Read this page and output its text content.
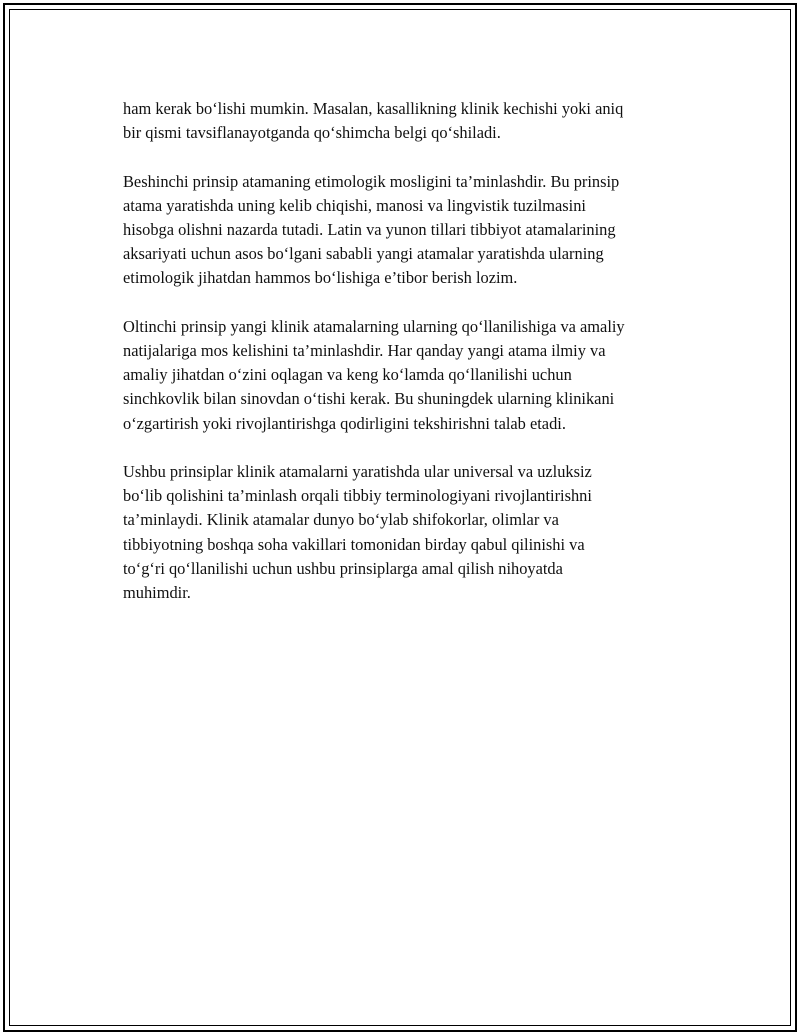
ham kerak bo‘lishi mumkin. Masalan, kasallikning klinik kechishi yoki aniq
bir qismi tavsiflanayotganda qo‘shimcha belgi qo‘shiladi.

Beshinchi prinsip atamaning etimologik mosligini ta’minlashdir. Bu prinsip
atama yaratishda uning kelib chiqishi, manosi va lingvistik tuzilmasini
hisobga olishni nazarda tutadi. Latin va yunon tillari tibbiyot atamalarining
aksariyati uchun asos bo‘lgani sababli yangi atamalar yaratishda ularning
etimologik jihatdan hammos bo‘lishiga e’tibor berish lozim.

Oltinchi prinsip yangi klinik atamalarning ularning qo‘llanilishiga va amaliy
natijalariga mos kelishini ta’minlashdir. Har qanday yangi atama ilmiy va
amaliy jihatdan o‘zini oqlagan va keng ko‘lamda qo‘llanilishi uchun
sinchkovlik bilan sinovdan o‘tishi kerak. Bu shuningdek ularning klinikani
o‘zgartirish yoki rivojlantirishga qodirligini tekshirishni talab etadi.

Ushbu prinsiplar klinik atamalarni yaratishda ular universal va uzluksiz
bo‘lib qolishini ta’minlash orqali tibbiy terminologiyani rivojlantirishni
ta’minlaydi. Klinik atamalar dunyo bo‘ylab shifokorlar, olimlar va
tibbiyotning boshqa soha vakillari tomonidan birday qabul qilinishi va
to‘g‘ri qo‘llanilishi uchun ushbu prinsiplarga amal qilish nihoyatda
muhimdir.
